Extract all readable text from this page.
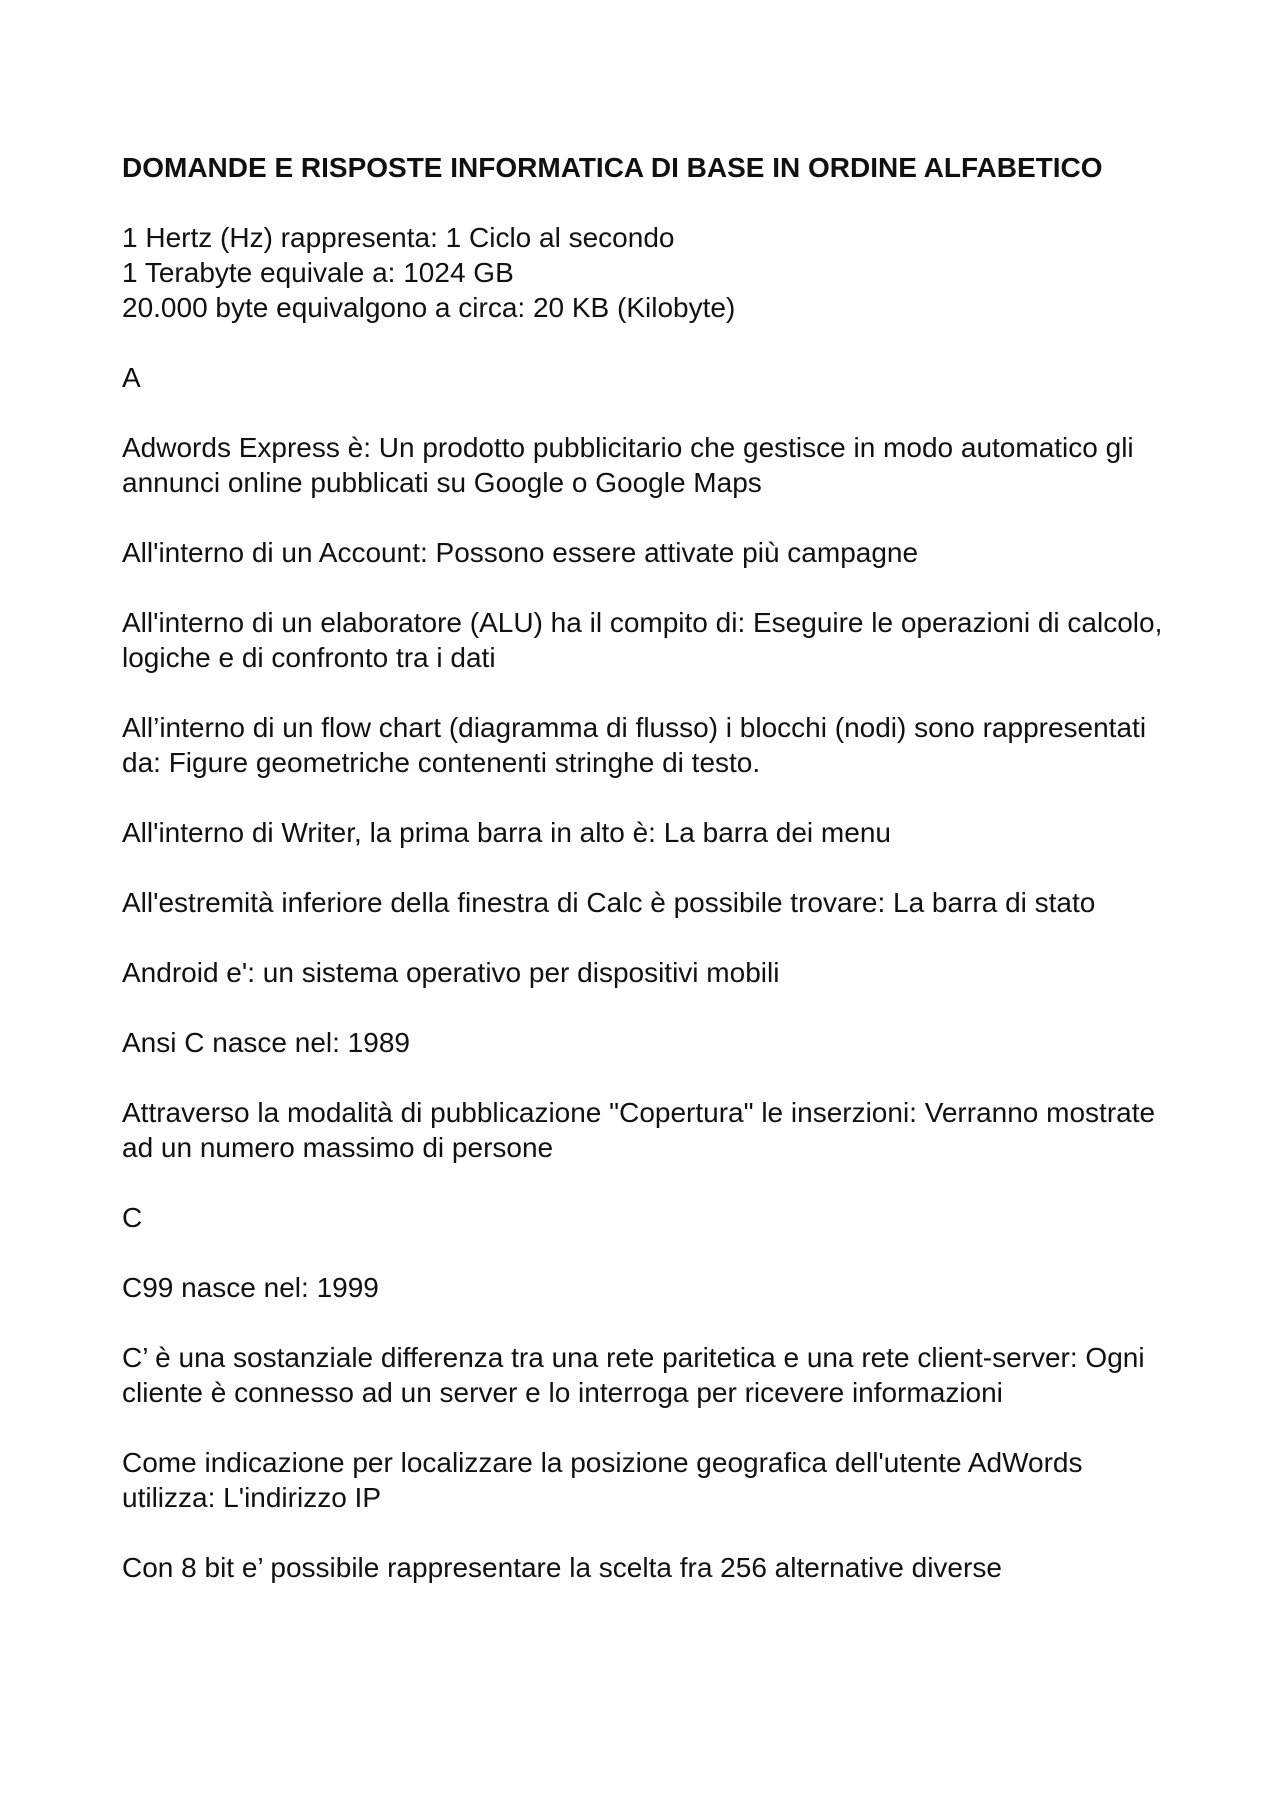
DOMANDE E RISPOSTE INFORMATICA DI BASE IN ORDINE ALFABETICO

1 Hertz (Hz) rappresenta: 1 Ciclo al secondo

1 Terabyte equivale a: 1024 GB

20.000 byte equivalgono a circa: 20 KB (Kilobyte)

A
Adwords Express è: Un prodotto pubblicitario che gestisce in modo automatico gli annunci online pubblicati su Google o Google Maps
All'interno di un Account: Possono essere attivate più campagne
All'interno di un elaboratore (ALU) ha il compito di: Eseguire le operazioni di calcolo, logiche e di confronto tra i dati
All’interno di un flow chart (diagramma di flusso) i blocchi (nodi) sono rappresentati da: Figure geometriche contenenti stringhe di testo.
All'interno di Writer, la prima barra in alto è: La barra dei menu
All'estremità inferiore della finestra di Calc è possibile trovare: La barra di stato
Android e': un sistema operativo per dispositivi mobili
Ansi C nasce nel: 1989
Attraverso la modalità di pubblicazione "Copertura" le inserzioni: Verranno mostrate ad un numero massimo di persone
C
C99 nasce nel: 1999
C’ è una sostanziale differenza tra una rete paritetica e una rete client-server: Ogni cliente è connesso ad un server e lo interroga per ricevere informazioni
Come indicazione per localizzare la posizione geografica dell'utente AdWords utilizza: L'indirizzo IP
Con 8 bit e’ possibile rappresentare la scelta fra 256 alternative diverse
